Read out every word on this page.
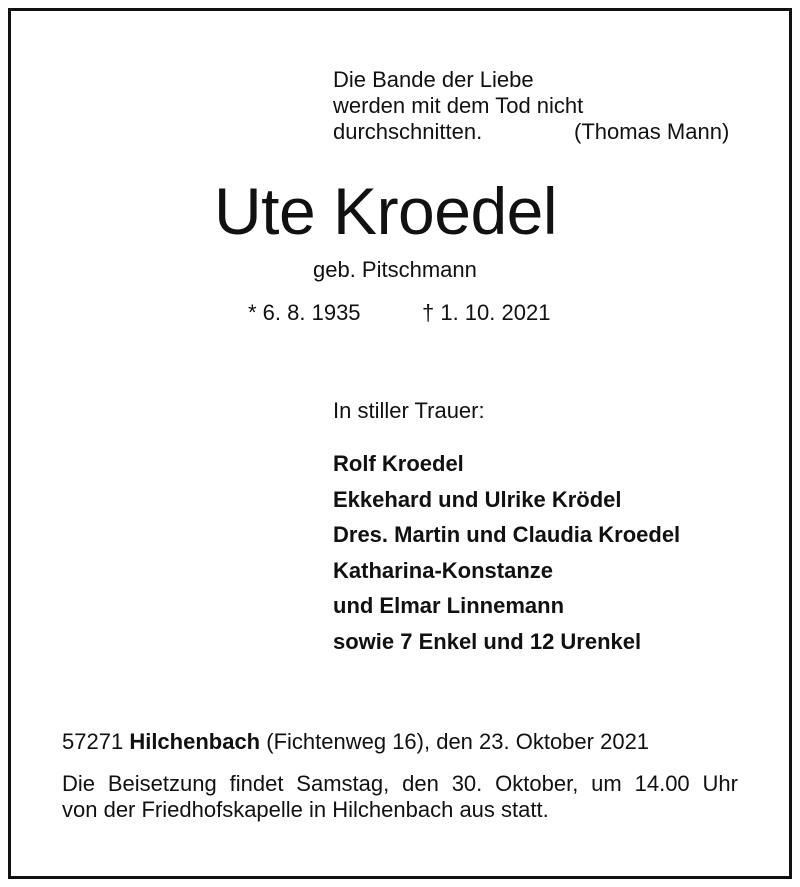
Die Bande der Liebe
werden mit dem Tod nicht
durchschnitten.	(Thomas Mann)
Ute Kroedel
geb. Pitschmann
* 6. 8. 1935	† 1. 10. 2021
In stiller Trauer:
Rolf Kroedel
Ekkehard und Ulrike Krödel
Dres. Martin und Claudia Kroedel
Katharina-Konstanze
und Elmar Linnemann
sowie 7 Enkel und 12 Urenkel
57271 Hilchenbach (Fichtenweg 16), den 23. Oktober 2021
Die Beisetzung findet Samstag, den 30. Oktober, um 14.00 Uhr
von der Friedhofskapelle in Hilchenbach aus statt.
